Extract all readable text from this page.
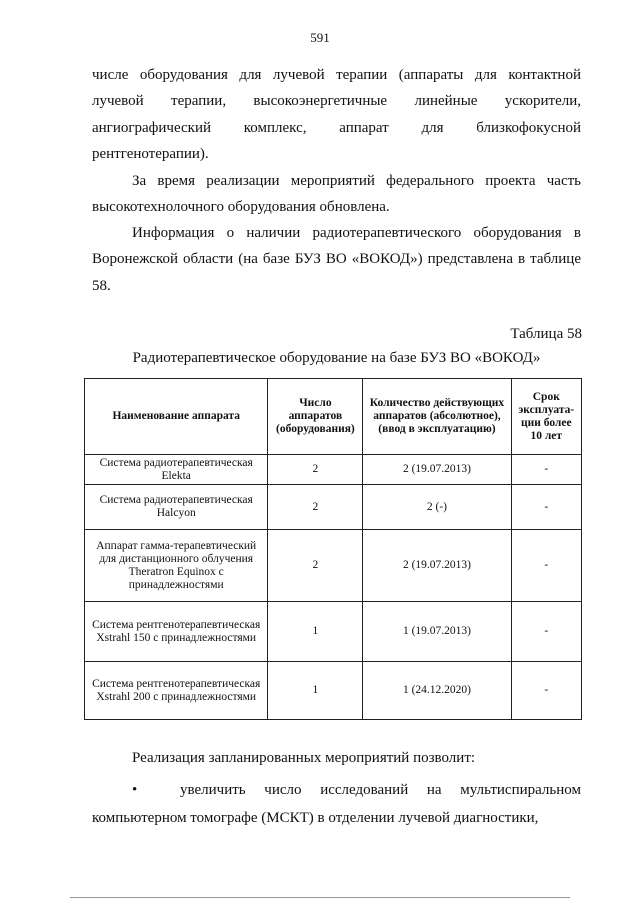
591

числе оборудования для лучевой терапии (аппараты для контактной лучевой терапии, высокоэнергетичные линейные ускорители, ангиографический комплекс, аппарат для близкофокусной рентгенотерапии).

За время реализации мероприятий федерального проекта часть высокотехнолочного оборудования обновлена.

Информация о наличии радиотерапевтического оборудования в Воронежской области (на базе БУЗ ВО «ВОКОД») представлена в таблице 58.

Таблица 58
Радиотерапевтическое оборудование на базе БУЗ ВО «ВОКОД»
Наименование аппарата	Число аппаратов (оборудования)	Количество действующих аппаратов (абсолютное), (ввод в эксплуатацию)	Срок эксплуата-ции более 10 лет
Система радиотерапевтическая Elekta	2	2 (19.07.2013)	-
Система радиотерапевтическая Halcyon	2	2 (-)	-
Аппарат гамма-терапевтический для дистанционного облучения Theratron Equinox с принадлежностями	2	2 (19.07.2013)	-
Система рентгенотерапевтическая Xstrahl 150 с принадлежностями	1	1 (19.07.2013)	-
Система рентгенотерапевтическая Xstrahl 200 с принадлежностями	1	1 (24.12.2020)	-

Реализация запланированных мероприятий позволит:

•	увеличить число исследований на мультиспиральном компьютерном томографе (МСКТ) в отделении лучевой диагностики,
